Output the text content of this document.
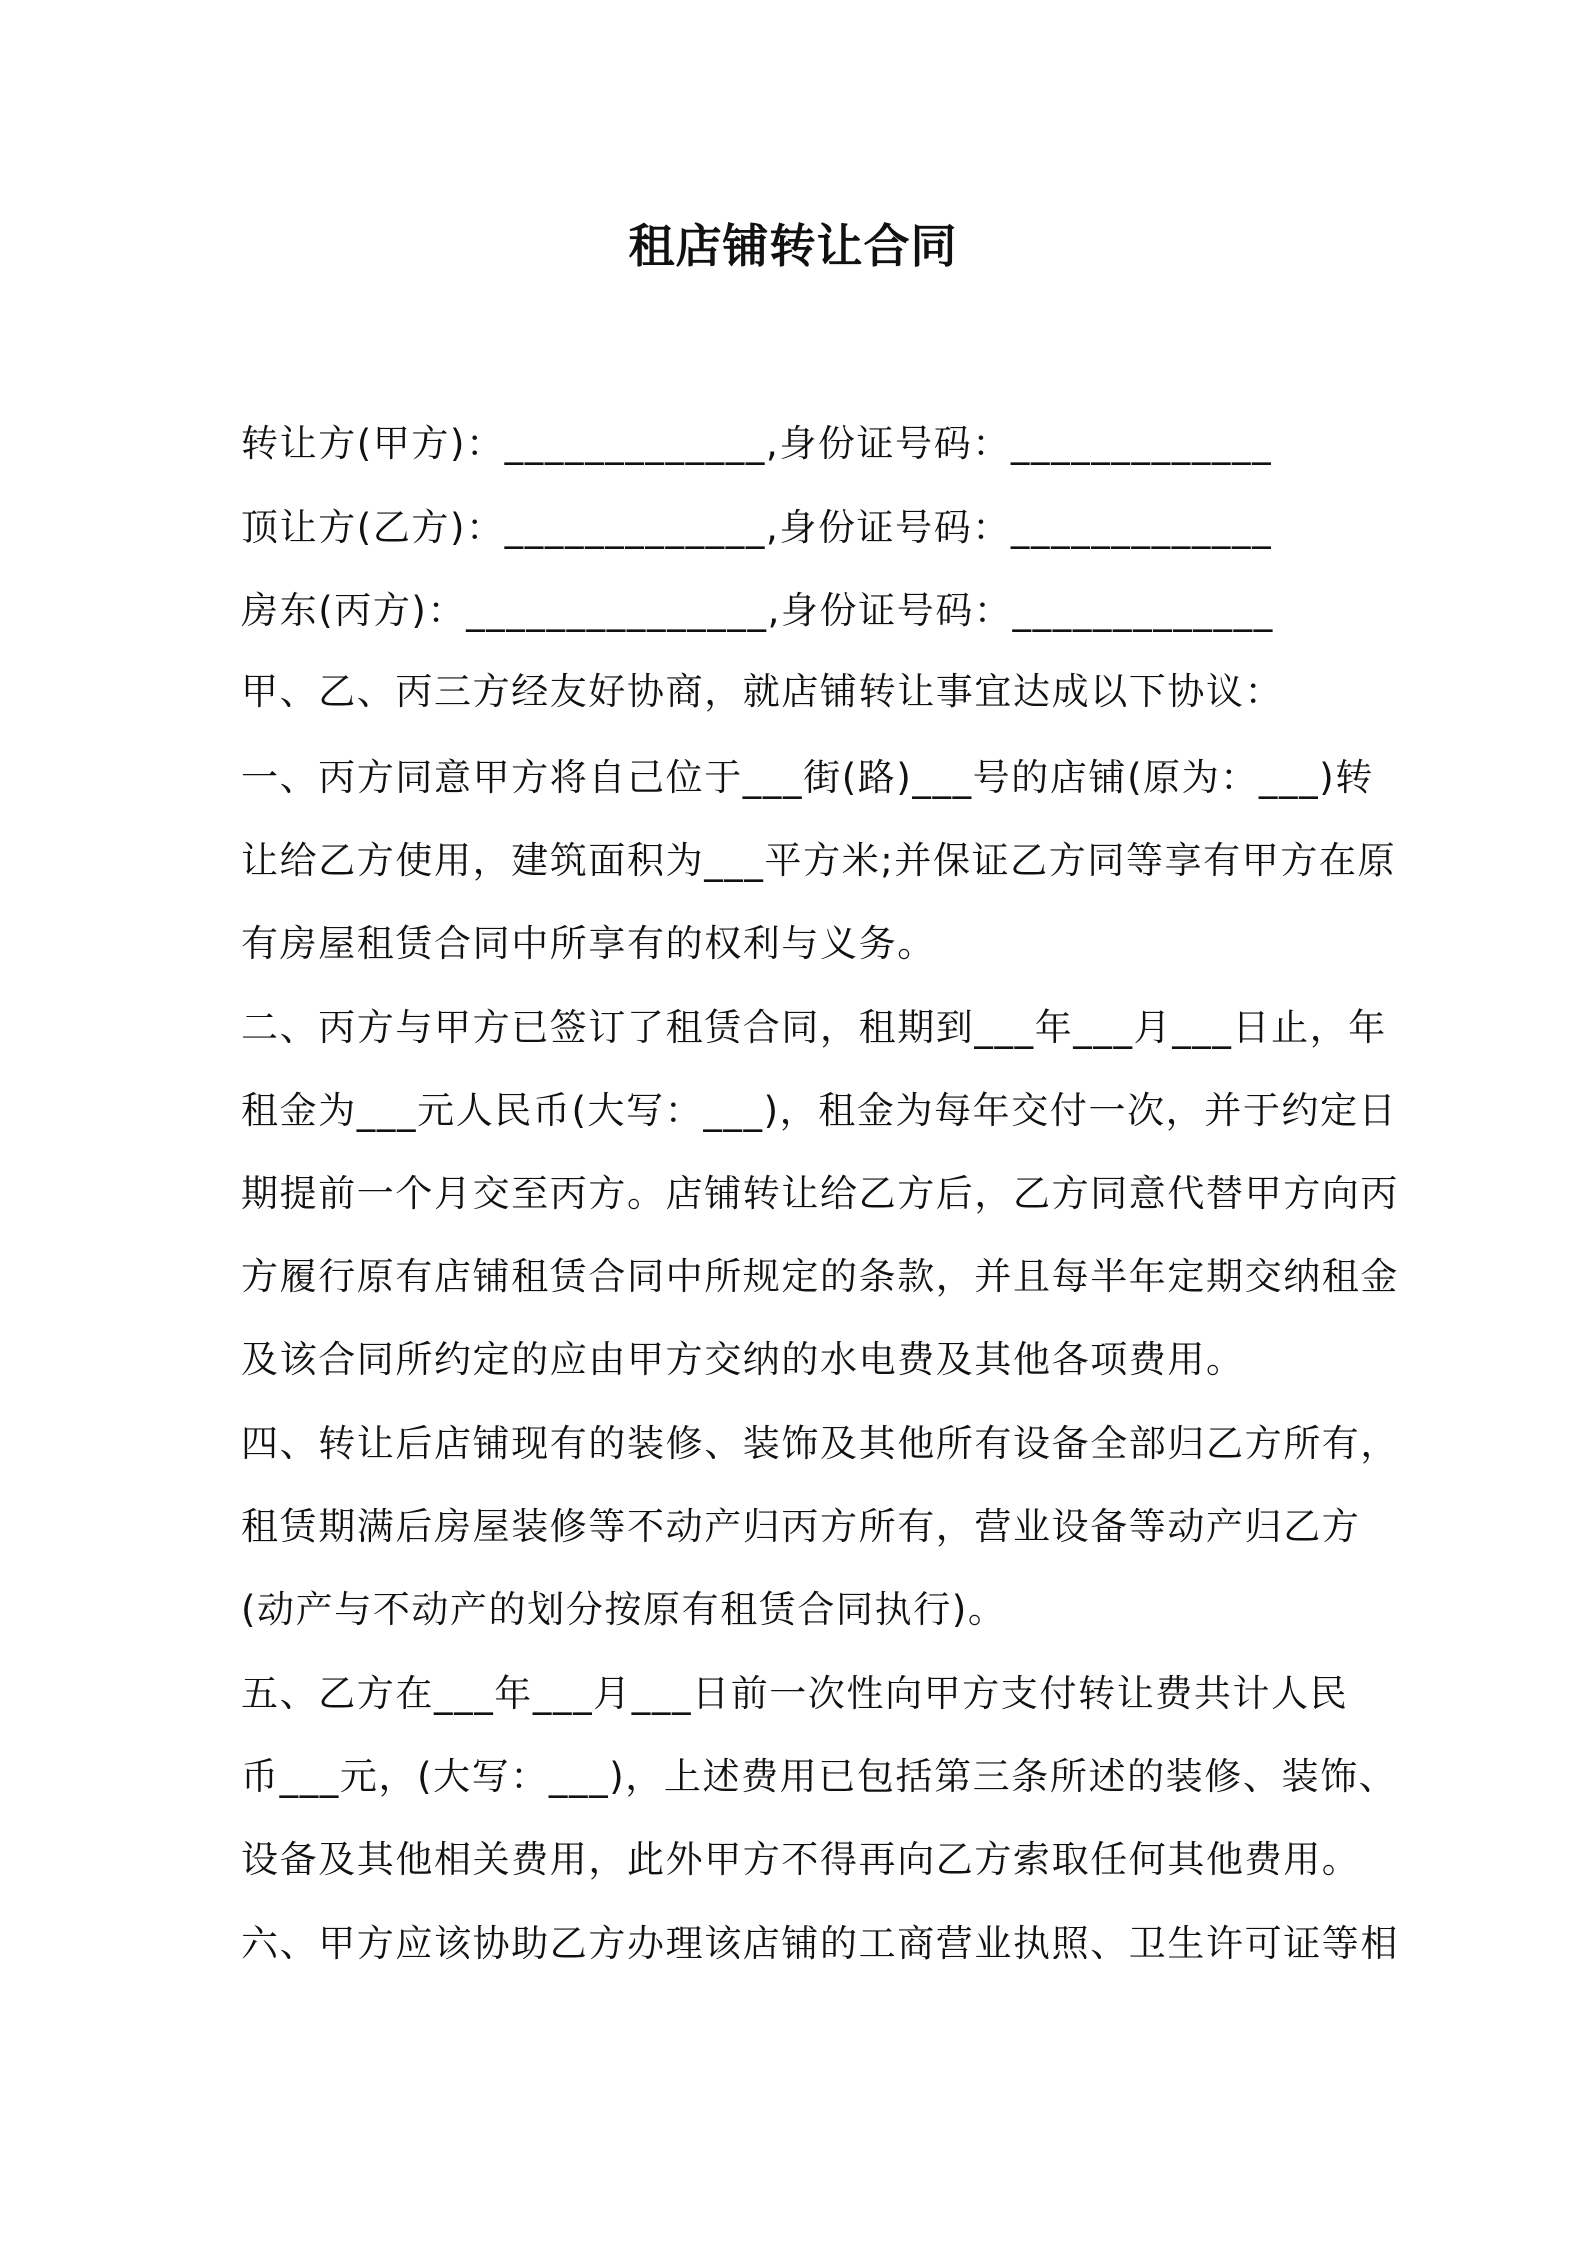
租店铺转让合同
转让方(甲方)：_____________,身份证号码：_____________
顶让方(乙方)：_____________,身份证号码：_____________
房东(丙方)：_______________,身份证号码：_____________
甲、乙、丙三方经友好协商，就店铺转让事宜达成以下协议：
一、丙方同意甲方将自己位于___街(路)___号的店铺(原为：___)转
让给乙方使用，建筑面积为___平方米;并保证乙方同等享有甲方在原
有房屋租赁合同中所享有的权利与义务。
二、丙方与甲方已签订了租赁合同，租期到___年___月___日止，年
租金为___元人民币(大写：___)，租金为每年交付一次，并于约定日
期提前一个月交至丙方。店铺转让给乙方后，乙方同意代替甲方向丙
方履行原有店铺租赁合同中所规定的条款，并且每半年定期交纳租金
及该合同所约定的应由甲方交纳的水电费及其他各项费用。
四、转让后店铺现有的装修、装饰及其他所有设备全部归乙方所有，
租赁期满后房屋装修等不动产归丙方所有，营业设备等动产归乙方
(动产与不动产的划分按原有租赁合同执行)。
五、乙方在___年___月___日前一次性向甲方支付转让费共计人民
币___元，(大写：___)，上述费用已包括第三条所述的装修、装饰、
设备及其他相关费用，此外甲方不得再向乙方索取任何其他费用。
六、甲方应该协助乙方办理该店铺的工商营业执照、卫生许可证等相
